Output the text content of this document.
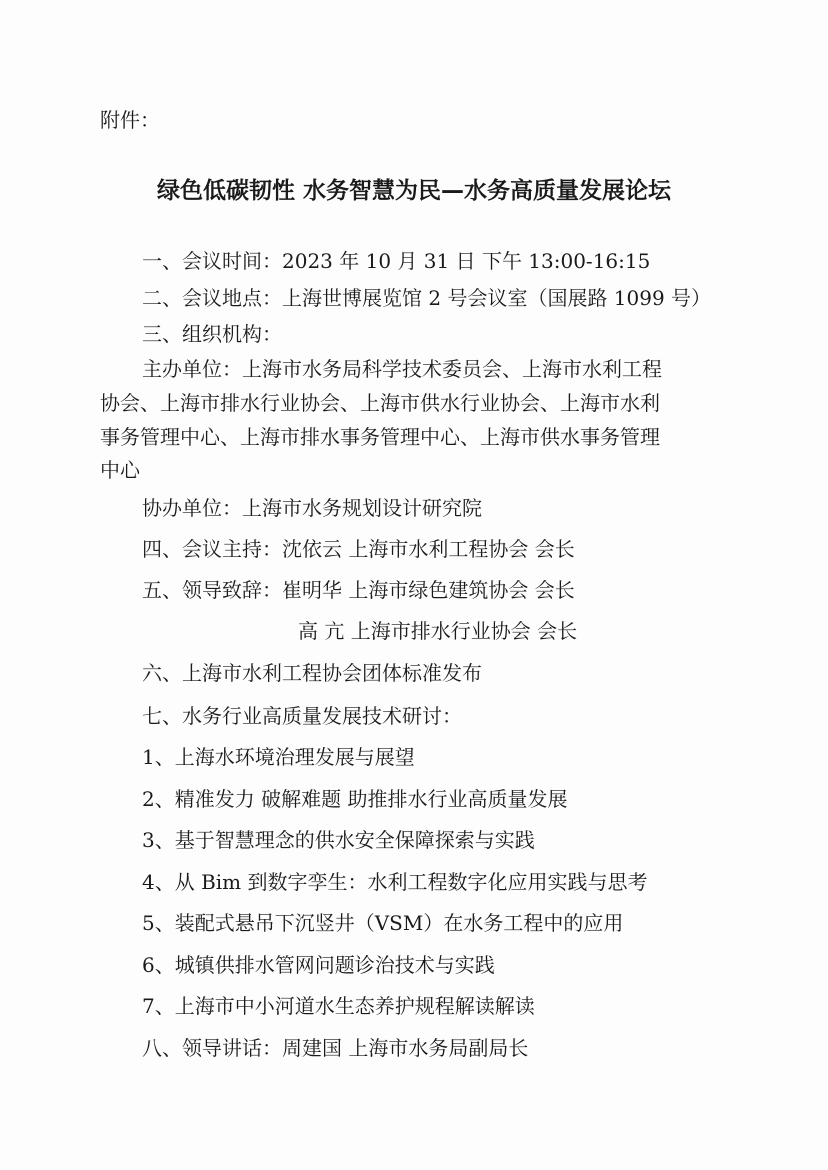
附件：
绿色低碳韧性 水务智慧为民—水务高质量发展论坛
一、会议时间：2023 年 10 月 31 日 下午 13:00-16:15
二、会议地点：上海世博展览馆 2 号会议室（国展路 1099 号）
三、组织机构：
主办单位：上海市水务局科学技术委员会、上海市水利工程
协会、上海市排水行业协会、上海市供水行业协会、上海市水利
事务管理中心、上海市排水事务管理中心、上海市供水事务管理
中心
协办单位：上海市水务规划设计研究院
四、会议主持：沈依云 上海市水利工程协会 会长
五、领导致辞：崔明华 上海市绿色建筑协会 会长
高 亢 上海市排水行业协会 会长
六、上海市水利工程协会团体标准发布
七、水务行业高质量发展技术研讨：
1、上海水环境治理发展与展望
2、精准发力 破解难题 助推排水行业高质量发展
3、基于智慧理念的供水安全保障探索与实践
4、从 Bim 到数字孪生：水利工程数字化应用实践与思考
5、装配式悬吊下沉竖井（VSM）在水务工程中的应用
6、城镇供排水管网问题诊治技术与实践
7、上海市中小河道水生态养护规程解读解读
八、领导讲话：周建国 上海市水务局副局长
